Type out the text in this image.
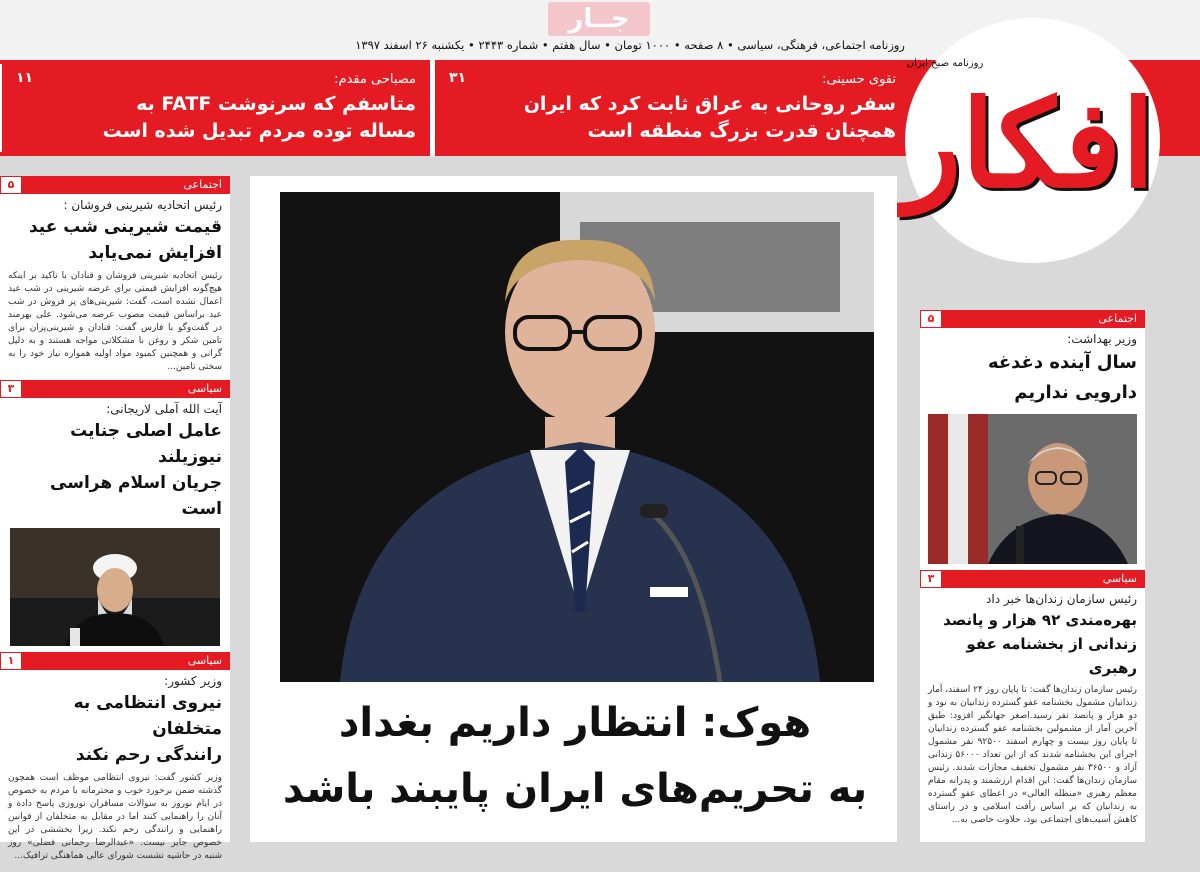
جــار
روزنامه اجتماعی، فرهنگی، سیاسی • ۸ صفحه • ۱۰۰۰ تومان • سال هفتم • شماره ۲۴۴۳ • یکشنبه ۲۶ اسفند ۱۳۹۷
تقوی حسینی:
۳۱
سفر روحانی به عراق ثابت کرد که ایران
همچنان قدرت بزرگ منطقه است
مصباحی مقدم:
۱۱
متاسفم که سرنوشت FATF به
مساله توده مردم تبدیل شده است	افکار
روزنامه صبح ایران
اجتماعی
۵
رئیس اتحادیه شیرینی فروشان :
قیمت شیرینی شب عید
افزایش نمی‌یابد
رئیس اتحادیه شیرینی فروشان و قنادان با تاکید بر اینکه هیچ‌گونه افزایش قیمتی برای عرضه شیرینی در شب عید اعمال نشده است، گفت: شیرینی‌های پر فروش در شب عید براساس قیمت مصوب عرضه می‌شود. علی بهرمند در گفت‌وگو با فارس گفت: قنادان و شیرینی‌پزان برای تامین شکر و روغن با مشکلاتی مواجه هستند و به دلیل گرانی و همچنین کمبود مواد اولیه همواره نیاز خود را به سختی تامین...
سیاسی
۳
آیت الله آملی لاریجانی:
عامل اصلی جنایت نیوزیلند
جریان اسلام هراسی است
سیاسی
۱
وزیر کشور:
نیروی انتظامی به متخلفان
رانندگی رحم نکند
وزیر کشور گفت: نیروی انتظامی موظف است همچون گذشته ضمن برخورد خوب و محترمانه با مردم به خصوص در ایام نوروز به سوالات مسافران نوروزی پاسخ داده و آنان را راهنمایی کنند اما در مقابل به متخلفان از قوانین راهنمایی و رانندگی رحم نکند. زیرا بخششی در این خصوص جایز نیست. «عبدالرضا رحمانی فضلی» روز شنبه در حاشیه نشست شورای عالی هماهنگی ترافیک...
هوک: انتظار داریم بغداد
به تحریم‌های ایران پایبند باشد
اجتماعی
۵
وزیر بهداشت:
سال آینده دغدغه
دارویی نداریم
سیاسی
۳
رئیس سازمان زندان‌ها خبر داد
بهره‌مندی ۹۲ هزار و پانصد
زندانی از بخشنامه عفو رهبری
رئیس سازمان زندان‌ها گفت: تا پایان روز ۲۴ اسفند، آمار زندانیان مشمول بخشنامه عفو گسترده زندانیان به نود و دو هزار و پانصد نفر رسید.اصغر جهانگیر افزود: طبق آخرین آمار از مشمولین بخشنامه عفو گسترده زندانیان تا پایان روز بیست و چهارم اسفند ۹۲۵۰۰ نفر مشمول اجرای این بخشنامه شدند که از این تعداد ۵۶۰۰۰ زندانی آزاد و ۳۶۵۰۰ نفر مشمول تخفیف مجازات شدند. رئیس سازمان زندان‌ها گفت: این اقدام ارزشمند و پدرانه مقام معظم رهبری «منظله العالی» در اعطای عفو گسترده به زندانیان که بر اساس رأفت اسلامی و در راستای کاهش آسیب‌های اجتماعی بود، حلاوت خاصی به...
